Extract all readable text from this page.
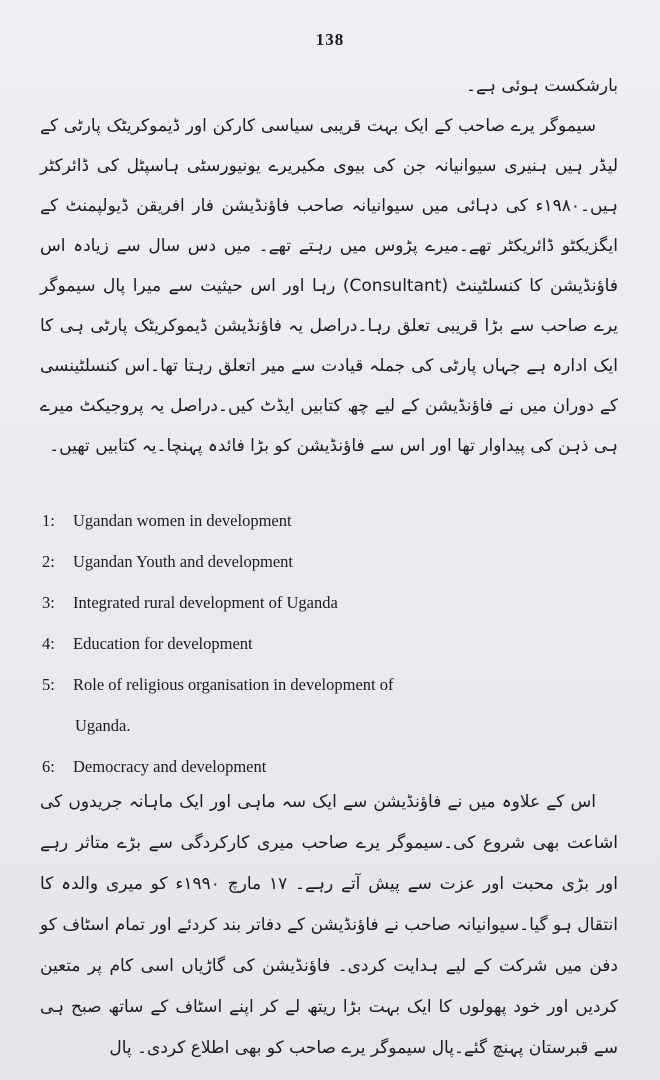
138

بارشکست ہوئی ہے۔

سیموگر یرے صاحب کے ایک بہت قریبی سیاسی کارکن اور ڈیموکریٹک پارٹی کے لیڈر ہیں ہنیری سیوانیانہ جن کی بیوی مکیریرے یونیورسٹی ہاسپٹل کی ڈائرکٹر ہیں۔۱۹۸۰ء کی دہائی میں سیوانیانہ صاحب فاؤنڈیشن فار افریقن ڈیولپمنٹ کے ایگزیکٹو ڈائریکٹر تھے۔میرے پڑوس میں رہتے تھے۔ میں دس سال سے زیادہ اس فاؤنڈیشن کا کنسلٹینٹ (Consultant) رہا اور اس حیثیت سے میرا پال سیموگر یرے صاحب سے بڑا قریبی تعلق رہا۔دراصل یہ فاؤنڈیشن ڈیموکریٹک پارٹی ہی کا ایک ادارہ ہے جہاں پارٹی کی جملہ قیادت سے میر اتعلق رہتا تھا۔اس کنسلٹینسی کے دوران میں نے فاؤنڈیشن کے لیے چھ کتابیں ایڈٹ کیں۔دراصل یہ پروجیکٹ میرے ہی ذہن کی پیداوار تھا اور اس سے فاؤنڈیشن کو بڑا فائدہ پہنچا۔یہ کتابیں تھیں۔

1:	Ugandan women in development
2:	Ugandan Youth and development
3:	Integrated rural development of Uganda
4:	Education for development
5:	Role of religious organisation in development of
Uganda.
6:	Democracy and development

اس کے علاوہ میں نے فاؤنڈیشن سے ایک سہ ماہی اور ایک ماہانہ جریدوں کی اشاعت بھی شروع کی۔سیموگر یرے صاحب میری کارکردگی سے بڑے متاثر رہے اور بڑی محبت اور عزت سے پیش آتے رہے۔ ۱۷ مارچ ۱۹۹۰ء کو میری والدہ کا انتقال ہو گیا۔سیوانیانہ صاحب نے فاؤنڈیشن کے دفاتر بند کردئے اور تمام اسٹاف کو دفن میں شرکت کے لیے ہدایت کردی۔ فاؤنڈیشن کی گاڑیاں اسی کام پر متعین کردیں اور خود پھولوں کا ایک بہت بڑا ریتھ لے کر اپنے اسٹاف کے ساتھ صبح ہی سے قبرستان پہنچ گئے۔پال سیموگر یرے صاحب کو بھی اطلاع کردی۔ پال
